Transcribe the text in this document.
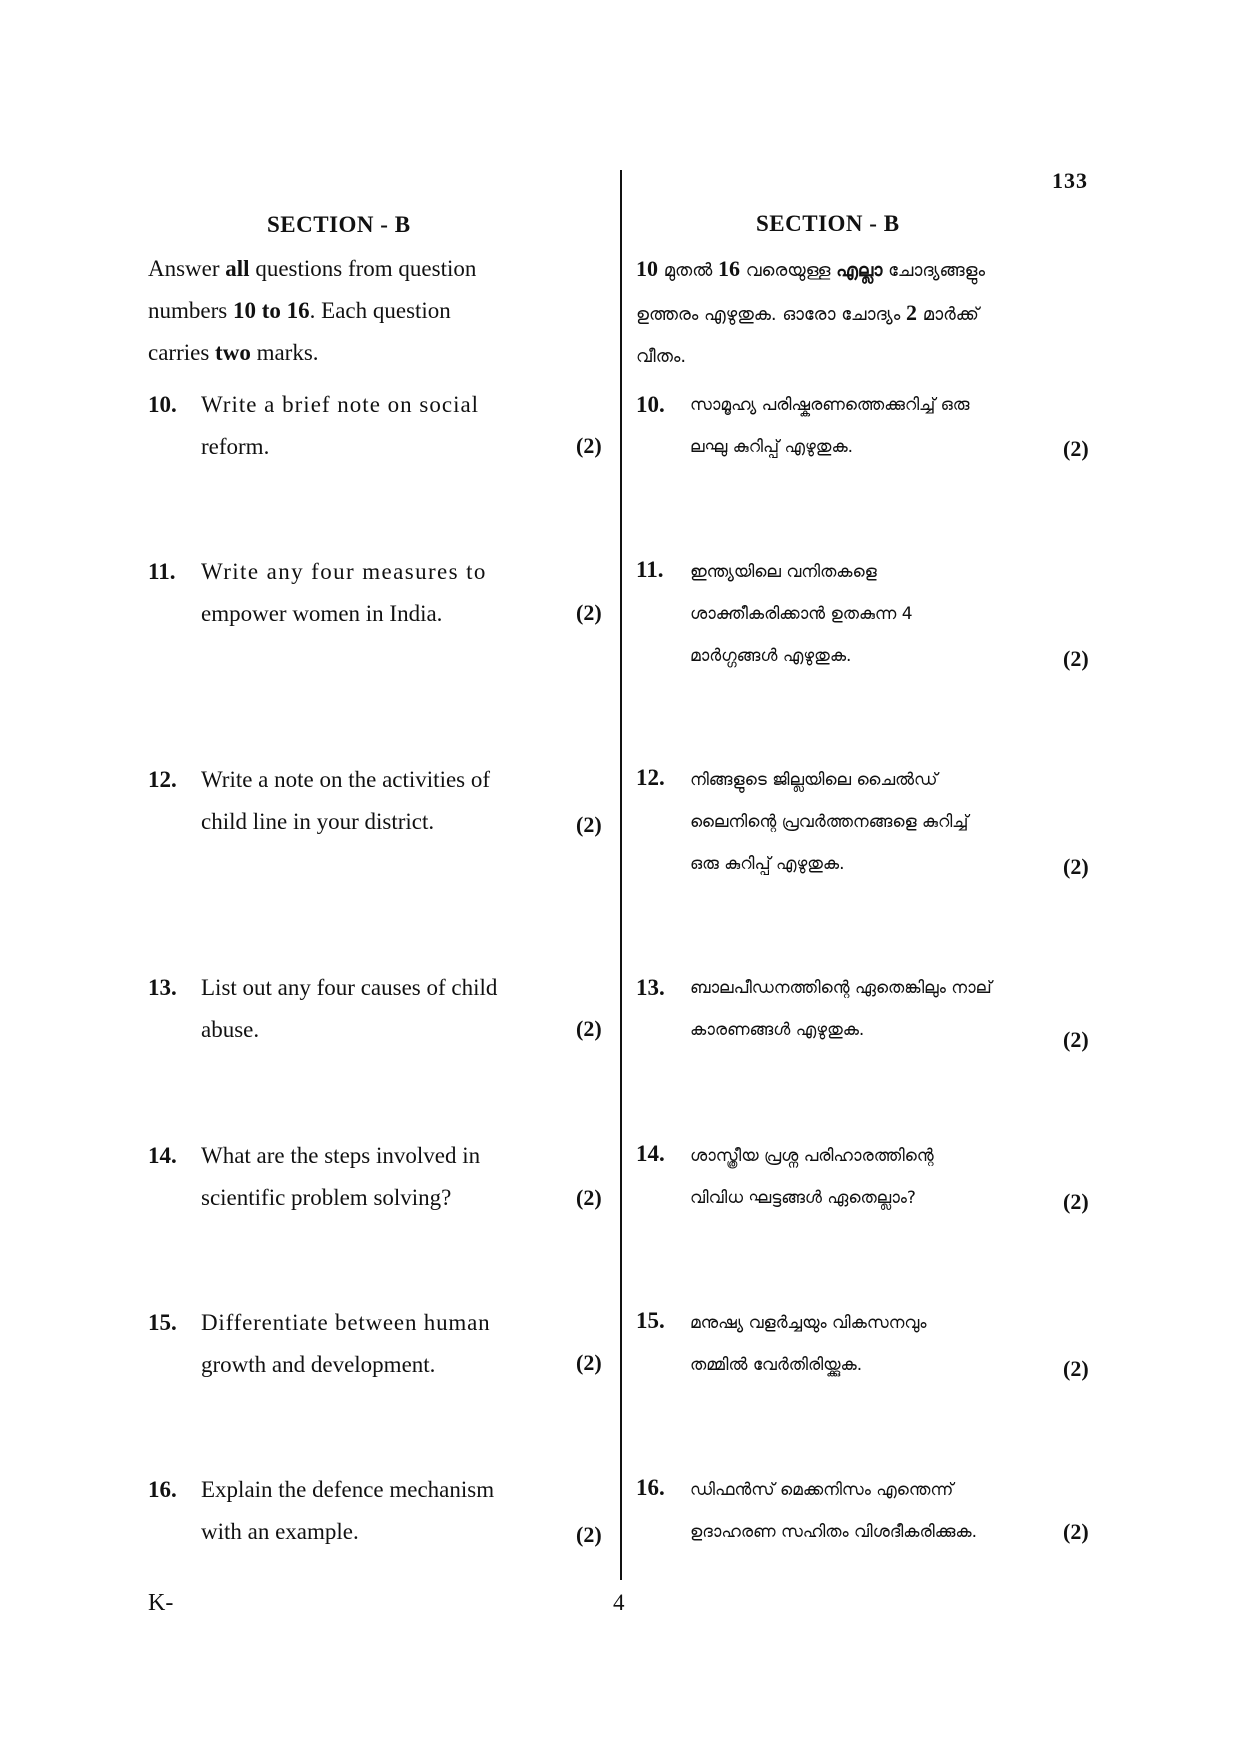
133
SECTION - B
Answer all questions from question
numbers 10 to 16. Each question
carries two marks.
10. Write a brief note on social
reform.	(2)
11. Write any four measures to
empower women in India.	(2)
12. Write a note on the activities of
child line in your district.	(2)
13. List out any four causes of child
abuse.	(2)
14. What are the steps involved in
scientific problem solving?	(2)
15. Differentiate between human
growth and development.	(2)
16. Explain the defence mechanism
with an example.	(2)
SECTION - B
10 മുതൽ 16 വരെയുള്ള എല്ലാ ചോദ്യങ്ങളും
ഉത്തരം എഴുതുക. ഓരോ ചോദ്യം 2 മാർക്ക്
വീതം.
10. സാമൂഹ്യ പരിഷ്കരണത്തെക്കുറിച്ച് ഒരു
ലഘു കുറിപ്പ് എഴുതുക.	(2)
11. ഇന്ത്യയിലെ വനിതകളെ
ശാക്തീകരിക്കാൻ ഉതകുന്ന 4
മാർഗ്ഗങ്ങൾ എഴുതുക.	(2)
12. നിങ്ങളുടെ ജില്ലയിലെ ചൈൽഡ്
ലൈനിന്റെ പ്രവർത്തനങ്ങളെ കുറിച്ച്
ഒരു കുറിപ്പ് എഴുതുക.	(2)
13. ബാലപീഡനത്തിന്റെ ഏതെങ്കിലും നാല്
കാരണങ്ങൾ എഴുതുക.	(2)
14. ശാസ്ത്രീയ പ്രശ്ന പരിഹാരത്തിന്റെ
വിവിധ ഘട്ടങ്ങൾ ഏതെല്ലാം?	(2)
15. മനുഷ്യ വളർച്ചയും വികസനവും
തമ്മിൽ വേർതിരിയ്ക്കുക.	(2)
16. ഡിഫൻസ് മെക്കനിസം എന്തെന്ന്
ഉദാഹരണ സഹിതം വിശദീകരിക്കുക.	(2)
K-	4
